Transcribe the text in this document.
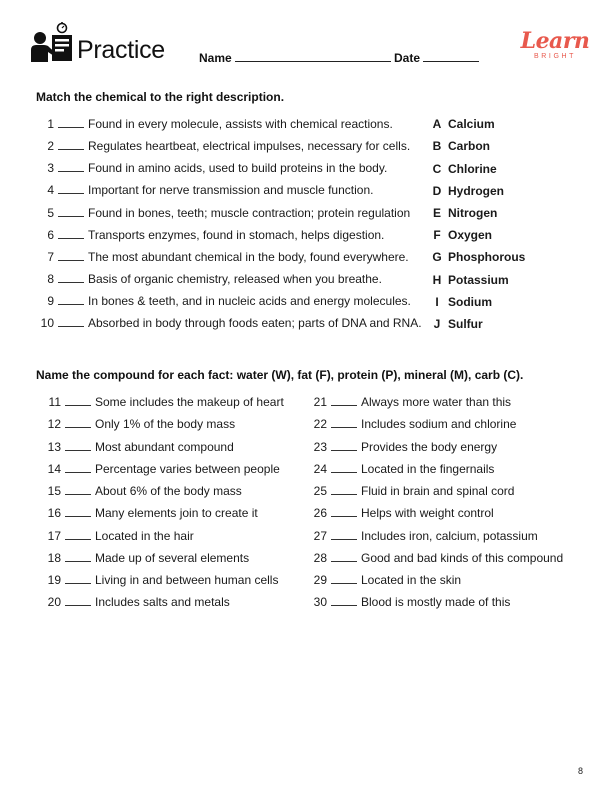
Practice	Name	Date
Learn
BRIGHT
Match the chemical to the right description.
1	Found in every molecule, assists with chemical reactions.
2	Regulates heartbeat, electrical impulses, necessary for cells.
3	Found in amino acids, used to build proteins in the body.
4	Important for nerve transmission and muscle function.
5	Found in bones, teeth; muscle contraction; protein regulation
6	Transports enzymes, found in stomach, helps digestion.
7	The most abundant chemical in the body, found everywhere.
8	Basis of organic chemistry, released when you breathe.
9	In bones & teeth, and in nucleic acids and energy molecules.
10	Absorbed in body through foods eaten; parts of DNA and RNA.
A Calcium
B Carbon
C Chlorine
D Hydrogen
E Nitrogen
F Oxygen
G Phosphorous
H Potassium
I Sodium
J Sulfur
Name the compound for each fact: water (W), fat (F), protein (P), mineral (M), carb (C).
11	Some includes the makeup of heart
12	Only 1% of the body mass
13	Most abundant compound
14	Percentage varies between people
15	About 6% of the body mass
16	Many elements join to create it
17	Located in the hair
18	Made up of several elements
19	Living in and between human cells
20	Includes salts and metals
21	Always more water than this
22	Includes sodium and chlorine
23	Provides the body energy
24	Located in the fingernails
25	Fluid in brain and spinal cord
26	Helps with weight control
27	Includes iron, calcium, potassium
28	Good and bad kinds of this compound
29	Located in the skin
30	Blood is mostly made of this
8
